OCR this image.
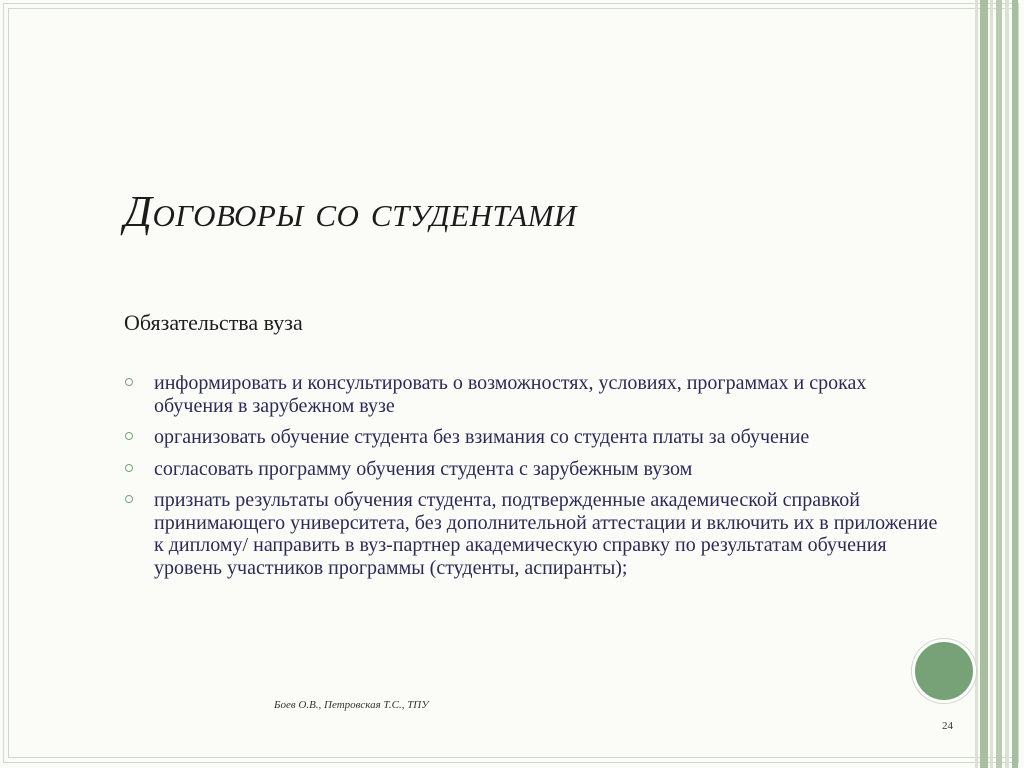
Договоры со студентами

Обязательства вуза

информировать и консультировать о возможностях, условиях, программах и сроках обучения в зарубежном вузе
организовать обучение студента без взимания со студента платы за обучение
согласовать программу обучения студента с зарубежным вузом
признать результаты обучения студента, подтвержденные академической справкой принимающего университета, без дополнительной аттестации и включить их в приложение к диплому/ направить в вуз-партнер академическую справку по результатам обучения уровень участников программы (студенты, аспиранты);
Боев О.В., Петровская Т.С., ТПУ
24
